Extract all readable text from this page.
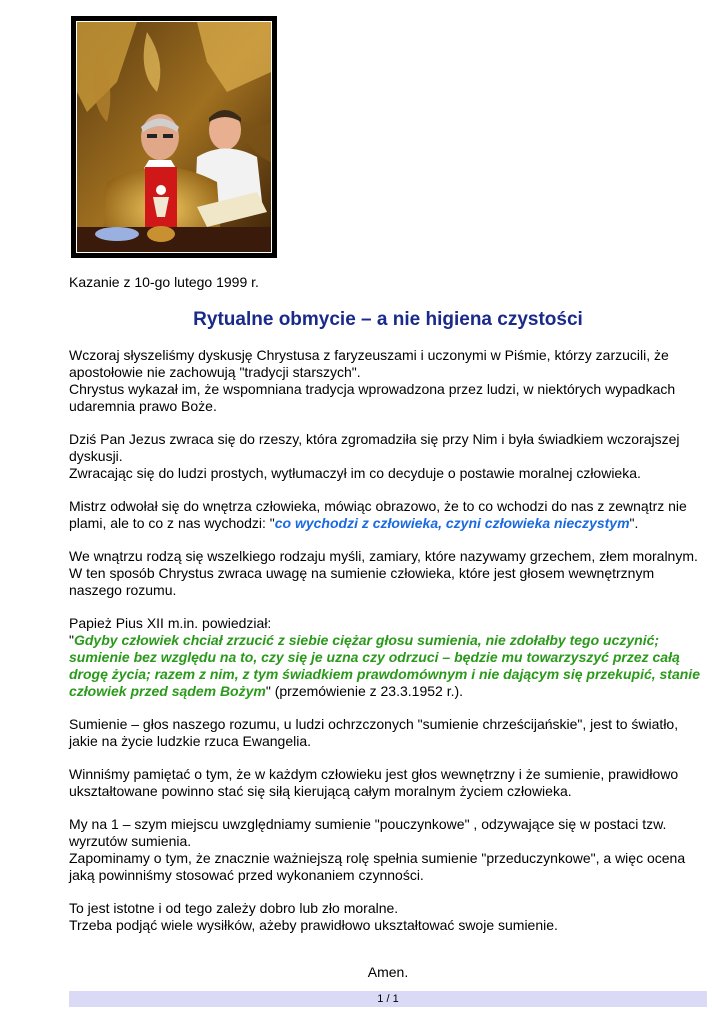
Kazanie z 10-go lutego 1999 r.
Rytualne obmycie – a nie higiena czystości

Wczoraj słyszeliśmy dyskusję Chrystusa z faryzeuszami i uczonymi w Piśmie, którzy zarzucili, że apostołowie nie zachowują "tradycji starszych".
Chrystus wykazał im, że wspomniana tradycja wprowadzona przez ludzi, w niektórych wypadkach udaremnia prawo Boże.

Dziś Pan Jezus zwraca się do rzeszy, która zgromadziła się przy Nim i była świadkiem wczorajszej dyskusji.
Zwracając się do ludzi prostych, wytłumaczył im co decyduje o postawie moralnej człowieka.

Mistrz odwołał się do wnętrza człowieka, mówiąc obrazowo, że to co wchodzi do nas z zewnątrz nie plami, ale to co z nas wychodzi: "co wychodzi z człowieka, czyni człowieka nieczystym".

We wnątrzu rodzą się wszelkiego rodzaju myśli, zamiary, które nazywamy grzechem, złem moralnym.
W ten sposób Chrystus zwraca uwagę na sumienie człowieka, które jest głosem wewnętrznym naszego rozumu.

Papież Pius XII m.in. powiedział:
"Gdyby człowiek chciał zrzucić z siebie ciężar głosu sumienia, nie zdołałby tego uczynić; sumienie bez względu na to, czy się je uzna czy odrzuci – będzie mu towarzyszyć przez całą drogę życia; razem z nim, z tym świadkiem prawdomównym i nie dającym się przekupić, stanie człowiek przed sądem Bożym" (przemówienie z 23.3.1952 r.).

Sumienie – głos naszego rozumu, u ludzi ochrzczonych "sumienie chrześcijańskie", jest to światło, jakie na życie ludzkie rzuca Ewangelia.

Winniśmy pamiętać o tym, że w każdym człowieku jest głos wewnętrzny i że sumienie, prawidłowo ukształtowane powinno stać się siłą kierującą całym moralnym życiem człowieka.

My na 1 – szym miejscu uwzględniamy sumienie "pouczynkowe" , odzywające się w postaci tzw. wyrzutów sumienia.
Zapominamy o tym, że znacznie ważniejszą rolę spełnia sumienie "przeduczynkowe", a więc ocena jaką powinniśmy stosować przed wykonaniem czynności.

To jest istotne i od tego zależy dobro lub zło moralne.
Trzeba podjąć wiele wysiłków, ażeby prawidłowo ukształtować swoje sumienie.

Amen.
1 / 1
